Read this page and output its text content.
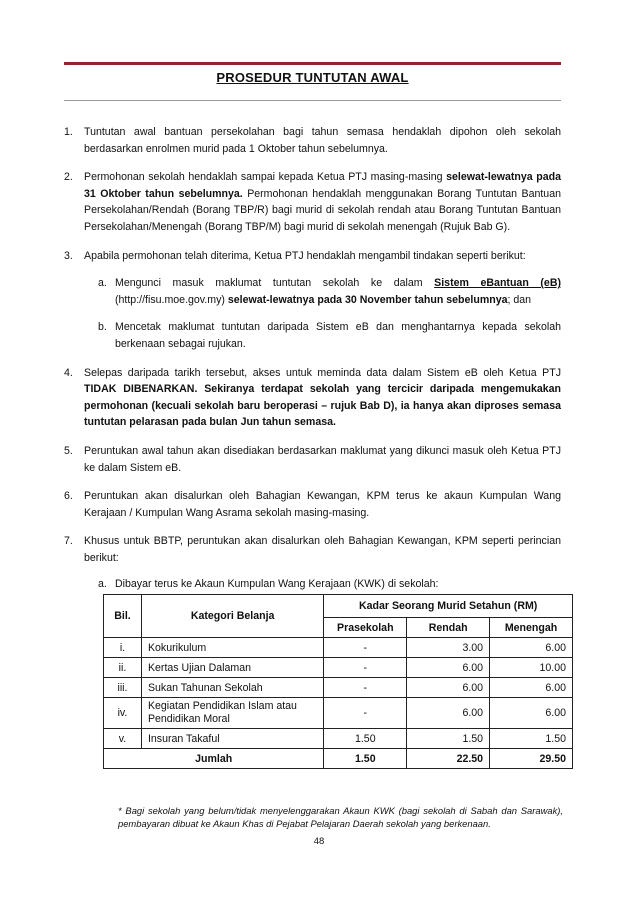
PROSEDUR TUNTUTAN AWAL
1.	Tuntutan awal bantuan persekolahan bagi tahun semasa hendaklah dipohon oleh sekolah berdasarkan enrolmen murid pada 1 Oktober tahun sebelumnya.
2.	Permohonan sekolah hendaklah sampai kepada Ketua PTJ masing-masing selewat-lewatnya pada 31 Oktober tahun sebelumnya. Permohonan hendaklah menggunakan Borang Tuntutan Bantuan Persekolahan/Rendah (Borang TBP/R) bagi murid di sekolah rendah atau Borang Tuntutan Bantuan Persekolahan/Menengah (Borang TBP/M) bagi murid di sekolah menengah (Rujuk Bab G).
3.	Apabila permohonan telah diterima, Ketua PTJ hendaklah mengambil tindakan seperti berikut:
a. Mengunci masuk maklumat tuntutan sekolah ke dalam Sistem eBantuan (eB) (http://fisu.moe.gov.my) selewat-lewatnya pada 30 November tahun sebelumnya; dan
b. Mencetak maklumat tuntutan daripada Sistem eB dan menghantarnya kepada sekolah berkenaan sebagai rujukan.
4.	Selepas daripada tarikh tersebut, akses untuk meminda data dalam Sistem eB oleh Ketua PTJ TIDAK DIBENARKAN. Sekiranya terdapat sekolah yang tercicir daripada mengemukakan permohonan (kecuali sekolah baru beroperasi – rujuk Bab D), ia hanya akan diproses semasa tuntutan pelarasan pada bulan Jun tahun semasa.
5.	Peruntukan awal tahun akan disediakan berdasarkan maklumat yang dikunci masuk oleh Ketua PTJ ke dalam Sistem eB.
6.	Peruntukan akan disalurkan oleh Bahagian Kewangan, KPM terus ke akaun Kumpulan Wang Kerajaan / Kumpulan Wang Asrama sekolah masing-masing.
7.	Khusus untuk BBTP, peruntukan akan disalurkan oleh Bahagian Kewangan, KPM seperti perincian berikut:
a. Dibayar terus ke Akaun Kumpulan Wang Kerajaan (KWK) di sekolah:
Bil.	Kategori Belanja	Kadar Seorang Murid Setahun (RM)		
		Prasekolah	Rendah	Menengah
i.	Kokurikulum	-	3.00	6.00
ii.	Kertas Ujian Dalaman	-	6.00	10.00
iii.	Sukan Tahunan Sekolah	-	6.00	6.00
iv.	Kegiatan Pendidikan Islam atau Pendidikan Moral	-	6.00	6.00
v.	Insuran Takaful	1.50	1.50	1.50
Jumlah		1.50	22.50	29.50
* Bagi sekolah yang belum/tidak menyelenggarakan Akaun KWK (bagi sekolah di Sabah dan Sarawak), pembayaran dibuat ke Akaun Khas di Pejabat Pelajaran Daerah sekolah yang berkenaan.
48
